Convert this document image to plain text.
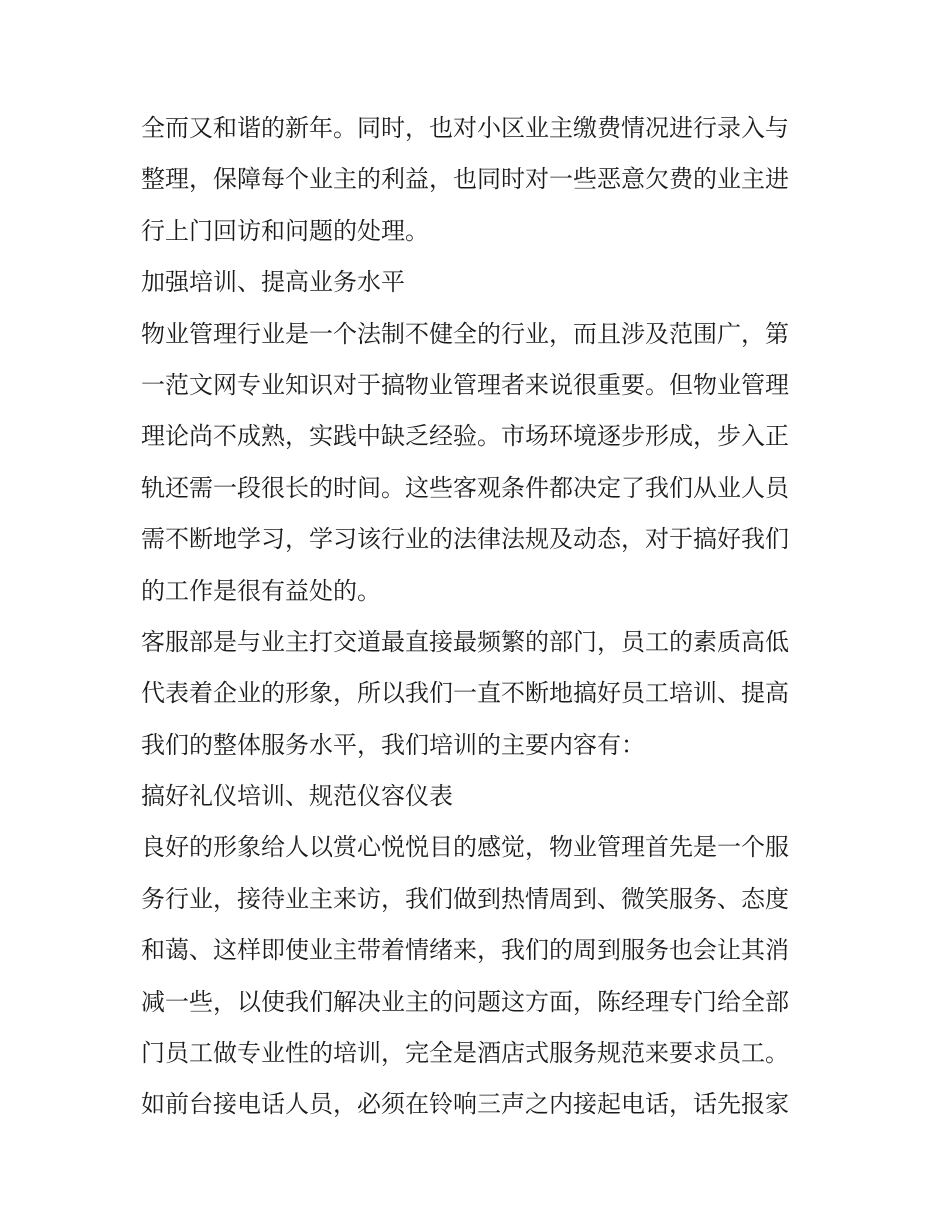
全而又和谐的新年。同时，也对小区业主缴费情况进行录入与
整理，保障每个业主的利益，也同时对一些恶意欠费的业主进
行上门回访和问题的处理。
加强培训、提高业务水平
物业管理行业是一个法制不健全的行业，而且涉及范围广，第
一范文网专业知识对于搞物业管理者来说很重要。但物业管理
理论尚不成熟，实践中缺乏经验。市场环境逐步形成，步入正
轨还需一段很长的时间。这些客观条件都决定了我们从业人员
需不断地学习，学习该行业的法律法规及动态，对于搞好我们
的工作是很有益处的。
客服部是与业主打交道最直接最频繁的部门，员工的素质高低
代表着企业的形象，所以我们一直不断地搞好员工培训、提高
我们的整体服务水平，我们培训的主要内容有：
搞好礼仪培训、规范仪容仪表
良好的形象给人以赏心悦悦目的感觉，物业管理首先是一个服
务行业，接待业主来访，我们做到热情周到、微笑服务、态度
和蔼、这样即使业主带着情绪来，我们的周到服务也会让其消
减一些，以使我们解决业主的问题这方面，陈经理专门给全部
门员工做专业性的培训，完全是酒店式服务规范来要求员工。
如前台接电话人员，必须在铃响三声之内接起电话，话先报家
